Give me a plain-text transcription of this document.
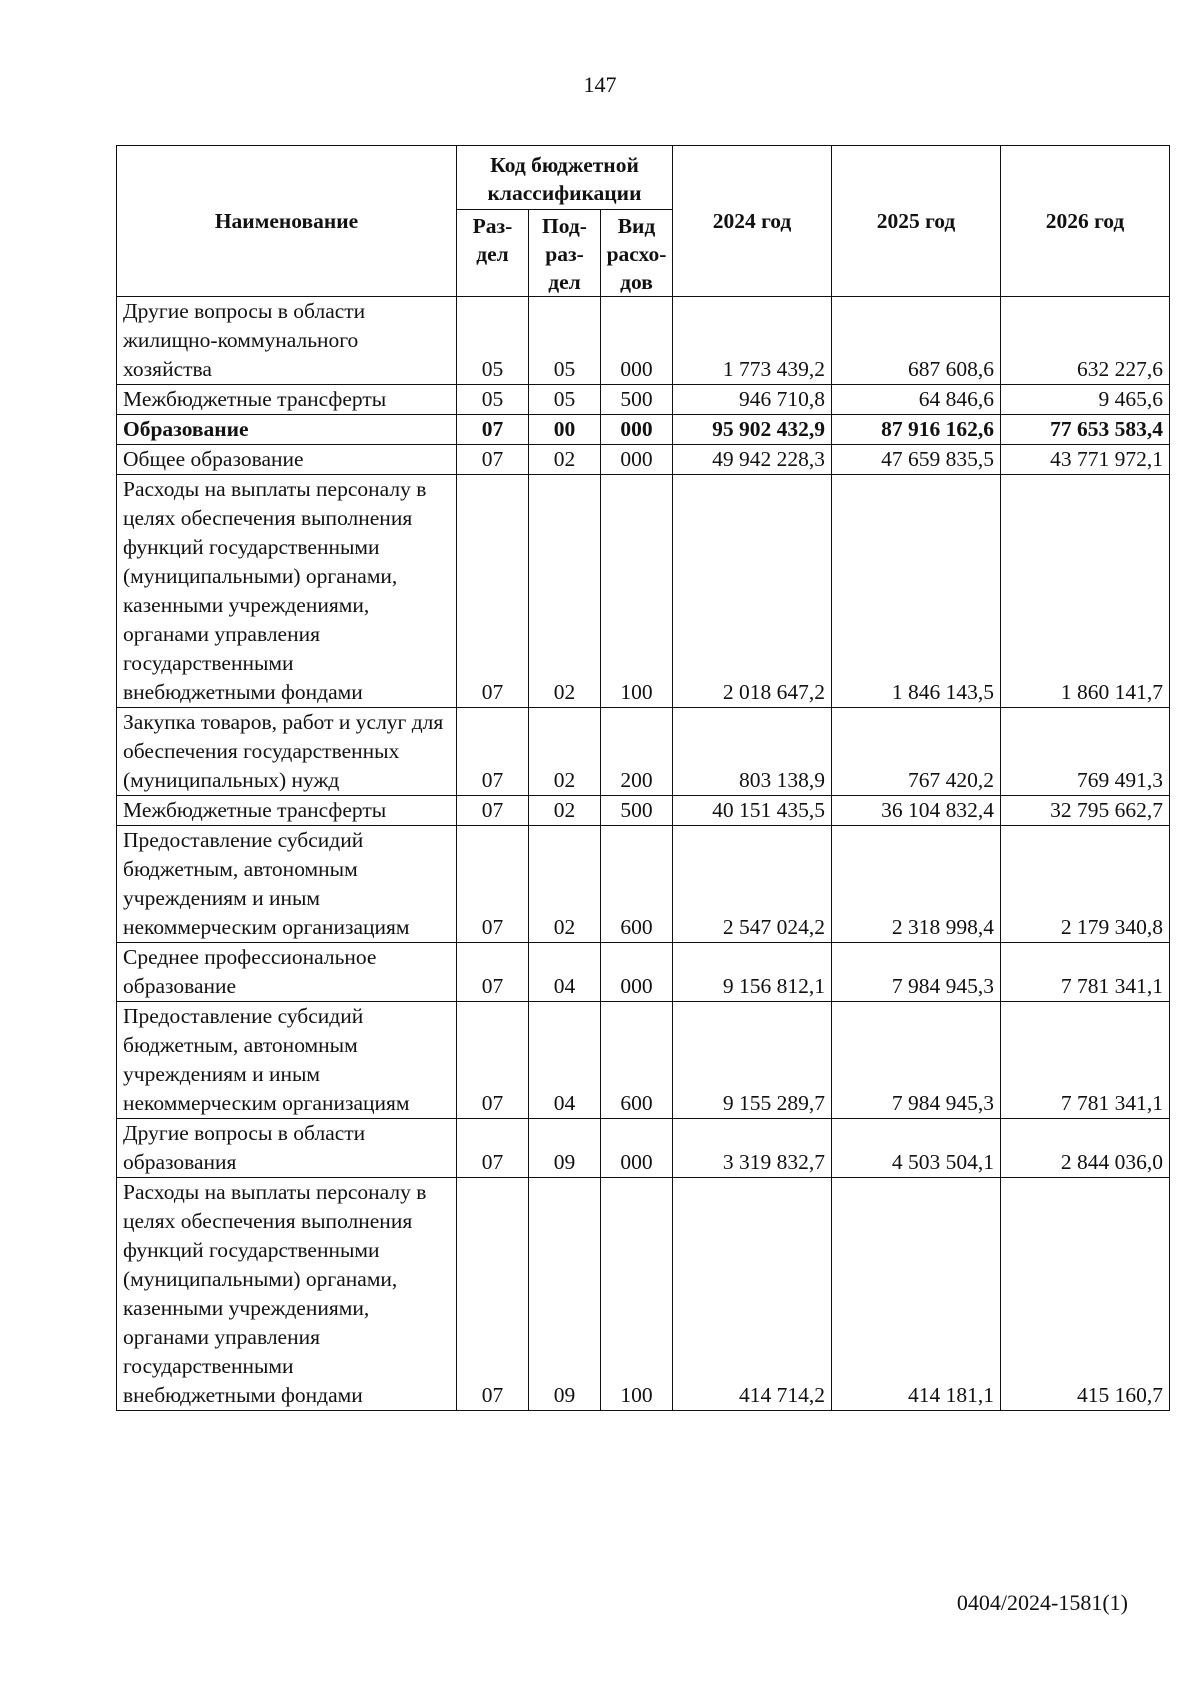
147
Наименование	Код бюджетной классификации			2024 год	2025 год	2026 год
	Раз-дел	Под-раз-дел	Вид расхо-дов			
Другие вопросы в области жилищно-коммунального хозяйства	05	05	000	1 773 439,2	687 608,6	632 227,6
Межбюджетные трансферты	05	05	500	946 710,8	64 846,6	9 465,6
Образование	07	00	000	95 902 432,9	87 916 162,6	77 653 583,4
Общее образование	07	02	000	49 942 228,3	47 659 835,5	43 771 972,1
Расходы на выплаты персоналу в целях обеспечения выполнения функций государственными (муниципальными) органами, казенными учреждениями, органами управления государственными внебюджетными фондами	07	02	100	2 018 647,2	1 846 143,5	1 860 141,7
Закупка товаров, работ и услуг для обеспечения государственных (муниципальных) нужд	07	02	200	803 138,9	767 420,2	769 491,3
Межбюджетные трансферты	07	02	500	40 151 435,5	36 104 832,4	32 795 662,7
Предоставление субсидий бюджетным, автономным учреждениям и иным некоммерческим организациям	07	02	600	2 547 024,2	2 318 998,4	2 179 340,8
Среднее профессиональное образование	07	04	000	9 156 812,1	7 984 945,3	7 781 341,1
Предоставление субсидий бюджетным, автономным учреждениям и иным некоммерческим организациям	07	04	600	9 155 289,7	7 984 945,3	7 781 341,1
Другие вопросы в области образования	07	09	000	3 319 832,7	4 503 504,1	2 844 036,0
Расходы на выплаты персоналу в целях обеспечения выполнения функций государственными (муниципальными) органами, казенными учреждениями, органами управления государственными внебюджетными фондами	07	09	100	414 714,2	414 181,1	415 160,7
0404/2024-1581(1)
